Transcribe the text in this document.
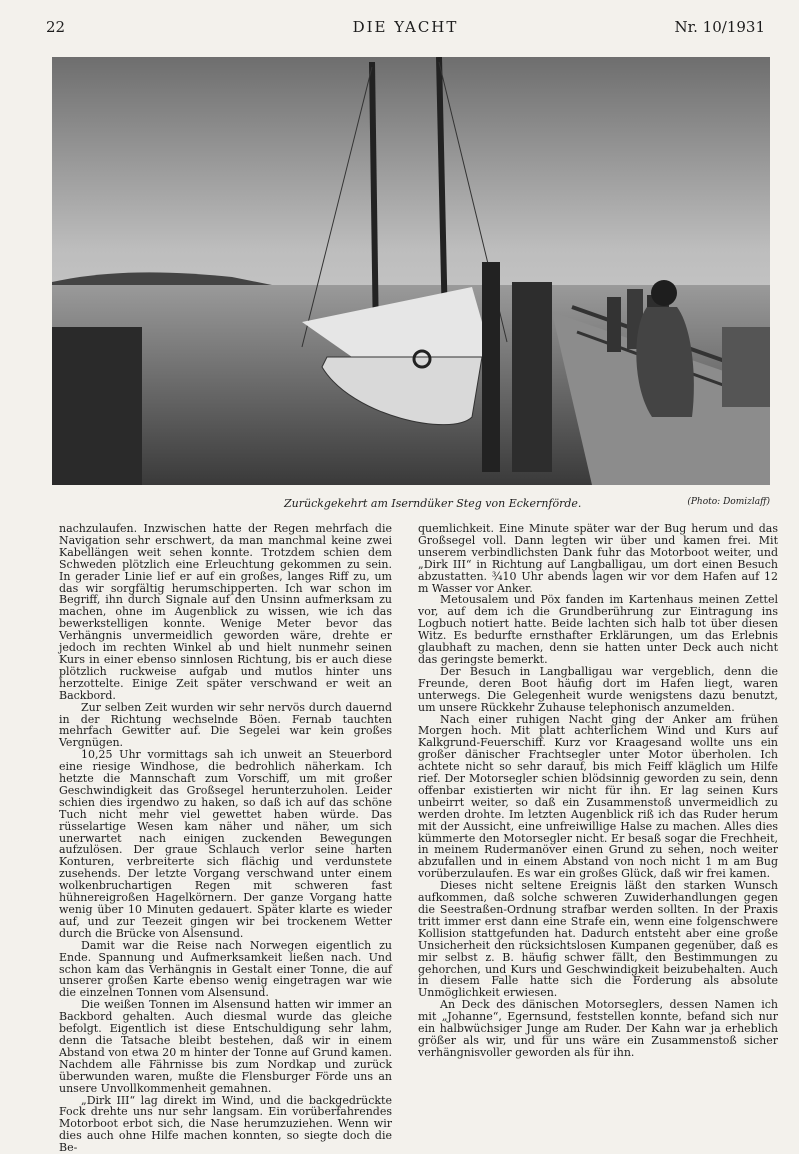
22	DIE YACHT	Nr. 10/1931
Zurückgekehrt am Iserndüker Steg von Eckernförde.	(Photo: Domizlaff)

nachzulaufen. Inzwischen hatte der Regen mehrfach die Navigation sehr erschwert, da man manchmal keine zwei Kabellängen weit sehen konnte. Trotzdem schien dem Schweden plötzlich eine Erleuchtung gekommen zu sein. In gerader Linie lief er auf ein großes, langes Riff zu, um das wir sorgfältig herumschipperten. Ich war schon im Begriff, ihn durch Signale auf den Unsinn aufmerksam zu machen, ohne im Augenblick zu wissen, wie ich das bewerkstelligen konnte. Wenige Meter bevor das Verhängnis unvermeidlich geworden wäre, drehte er jedoch im rechten Winkel ab und hielt nunmehr seinen Kurs in einer ebenso sinnlosen Richtung, bis er auch diese plötzlich ruckweise aufgab und mutlos hinter uns herzottelte. Einige Zeit später verschwand er weit an Backbord.

Zur selben Zeit wurden wir sehr nervös durch dauernd in der Richtung wechselnde Böen. Fernab tauchten mehrfach Gewitter auf. Die Segelei war kein großes Vergnügen.

10,25 Uhr vormittags sah ich unweit an Steuerbord eine riesige Windhose, die bedrohlich näherkam. Ich hetzte die Mannschaft zum Vorschiff, um mit großer Geschwindigkeit das Großsegel herunterzuholen. Leider schien dies irgendwo zu haken, so daß ich auf das schöne Tuch nicht mehr viel gewettet haben würde. Das rüsselartige Wesen kam näher und näher, um sich unerwartet nach einigen zuckenden Bewegungen aufzulösen. Der graue Schlauch verlor seine harten Konturen, verbreiterte sich flächig und verdunstete zusehends. Der letzte Vorgang verschwand unter einem wolkenbruchartigen Regen mit schweren fast hühnereigroßen Hagelkörnern. Der ganze Vorgang hatte wenig über 10 Minuten gedauert. Später klarte es wieder auf, und zur Teezeit gingen wir bei trockenem Wetter durch die Brücke von Alsensund.

Damit war die Reise nach Norwegen eigentlich zu Ende. Spannung und Aufmerksamkeit ließen nach. Und schon kam das Verhängnis in Gestalt einer Tonne, die auf unserer großen Karte ebenso wenig eingetragen war wie die einzelnen Tonnen vom Alsensund.

Die weißen Tonnen im Alsensund hatten wir immer an Backbord gehalten. Auch diesmal wurde das gleiche befolgt. Eigentlich ist diese Entschuldigung sehr lahm, denn die Tatsache bleibt bestehen, daß wir in einem Abstand von etwa 20 m hinter der Tonne auf Grund kamen. Nachdem alle Fährnisse bis zum Nordkap und zurück überwunden waren, mußte die Flensburger Förde uns an unsere Unvollkommenheit gemahnen.

„Dirk III“ lag direkt im Wind, und die backgedrückte Fock drehte uns nur sehr langsam. Ein vorüberfahrendes Motorboot erbot sich, die Nase herumzuziehen. Wenn wir dies auch ohne Hilfe machen konnten, so siegte doch die Be-

quemlichkeit. Eine Minute später war der Bug herum und das Großsegel voll. Dann legten wir über und kamen frei. Mit unserem verbindlichsten Dank fuhr das Motorboot weiter, und „Dirk III“ in Richtung auf Langballigau, um dort einen Besuch abzustatten. ¾10 Uhr abends lagen wir vor dem Hafen auf 12 m Wasser vor Anker.

Metousalem und Pöx fanden im Kartenhaus meinen Zettel vor, auf dem ich die Grundberührung zur Eintragung ins Logbuch notiert hatte. Beide lachten sich halb tot über diesen Witz. Es bedurfte ernsthafter Erklärungen, um das Erlebnis glaubhaft zu machen, denn sie hatten unter Deck auch nicht das geringste bemerkt.

Der Besuch in Langballigau war vergeblich, denn die Freunde, deren Boot häufig dort im Hafen liegt, waren unterwegs. Die Gelegenheit wurde wenigstens dazu benutzt, um unsere Rückkehr Zuhause telephonisch anzumelden.

Nach einer ruhigen Nacht ging der Anker am frühen Morgen hoch. Mit platt achterlichem Wind und Kurs auf Kalkgrund-Feuerschiff. Kurz vor Kraagesand wollte uns ein großer dänischer Frachtsegler unter Motor überholen. Ich achtete nicht so sehr darauf, bis mich Feiff kläglich um Hilfe rief. Der Motorsegler schien blödsinnig geworden zu sein, denn offenbar existierten wir nicht für ihn. Er lag seinen Kurs unbeirrt weiter, so daß ein Zusammenstoß unvermeidlich zu werden drohte. Im letzten Augenblick riß ich das Ruder herum mit der Aussicht, eine unfreiwillige Halse zu machen. Alles dies kümmerte den Motorsegler nicht. Er besaß sogar die Frechheit, in meinem Rudermanöver einen Grund zu sehen, noch weiter abzufallen und in einem Abstand von noch nicht 1 m am Bug vorüberzulaufen. Es war ein großes Glück, daß wir frei kamen.

Dieses nicht seltene Ereignis läßt den starken Wunsch aufkommen, daß solche schweren Zuwiderhandlungen gegen die Seestraßen-Ordnung strafbar werden sollten. In der Praxis tritt immer erst dann eine Strafe ein, wenn eine folgenschwere Kollision stattgefunden hat. Dadurch entsteht aber eine große Unsicherheit den rücksichtslosen Kumpanen gegenüber, daß es mir selbst z. B. häufig schwer fällt, den Bestimmungen zu gehorchen, und Kurs und Geschwindigkeit beizubehalten. Auch in diesem Falle hatte sich die Forderung als absolute Unmöglichkeit erwiesen.

An Deck des dänischen Motorseglers, dessen Namen ich mit „Johanne“, Egernsund, feststellen konnte, befand sich nur ein halbwüchsiger Junge am Ruder. Der Kahn war ja erheblich größer als wir, und für uns wäre ein Zusammenstoß sicher verhängnisvoller geworden als für ihn.
